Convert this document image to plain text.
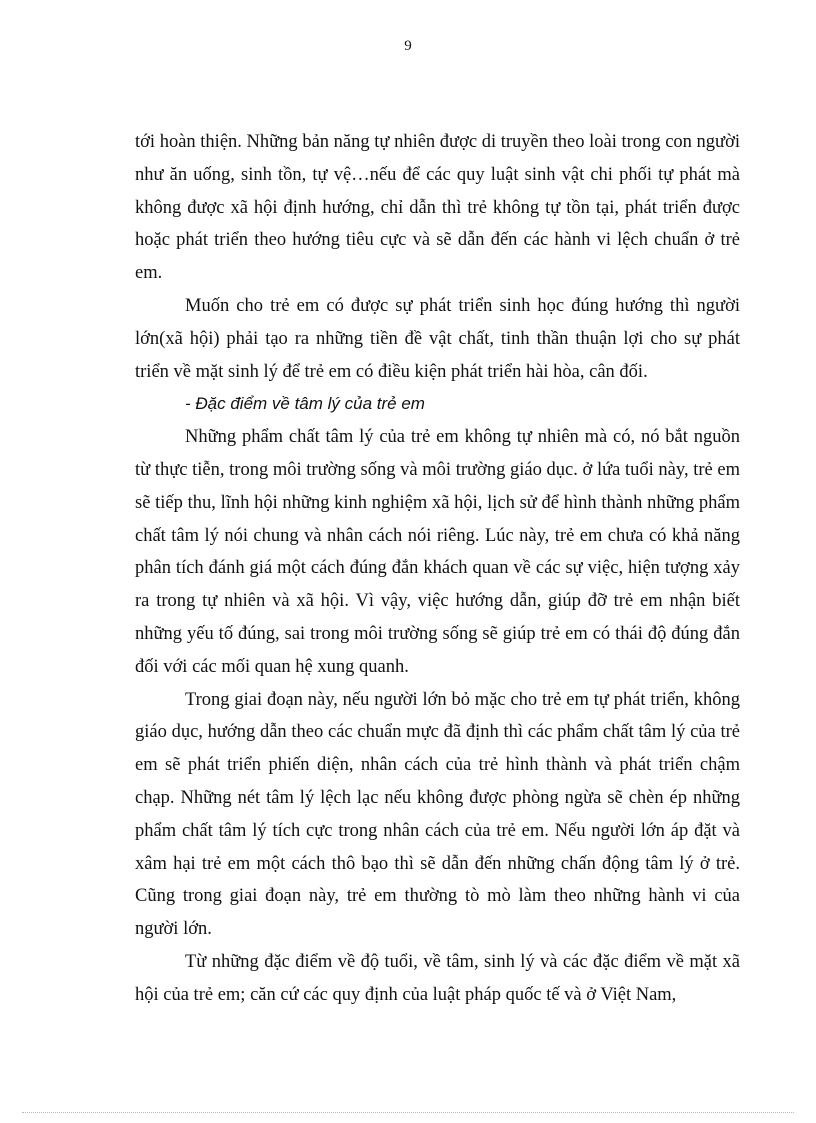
9

tới hoàn thiện. Những bản năng tự nhiên được di truyền theo loài trong con người như ăn uống, sinh tồn, tự vệ…nếu để các quy luật sinh vật chi phối tự phát mà không được xã hội định hướng, chỉ dẫn thì trẻ không tự tồn tại, phát triển được hoặc phát triển theo hướng tiêu cực và sẽ dẫn đến các hành vi lệch chuẩn ở trẻ em.

Muốn cho trẻ em có được sự phát triển sinh học đúng hướng thì người lớn(xã hội) phải tạo ra những tiền đề vật chất, tinh thần thuận lợi cho sự phát triển về mặt sinh lý để trẻ em có điều kiện phát triển hài hòa, cân đối.

- Đặc điểm về tâm lý của trẻ em

Những phẩm chất tâm lý của trẻ em không tự nhiên mà có, nó bắt nguồn từ thực tiễn, trong môi trường sống và môi trường giáo dục. ở lứa tuổi này, trẻ em sẽ tiếp thu, lĩnh hội những kinh nghiệm xã hội, lịch sử để hình thành những phẩm chất tâm lý nói chung và nhân cách nói riêng. Lúc này, trẻ em chưa có khả năng phân tích đánh giá một cách đúng đắn khách quan về các sự việc, hiện tượng xảy ra trong tự nhiên và xã hội. Vì vậy, việc hướng dẫn, giúp đỡ trẻ em nhận biết những yếu tố đúng, sai trong môi trường sống sẽ giúp trẻ em có thái độ đúng đắn đối với các mối quan hệ xung quanh.

Trong giai đoạn này, nếu người lớn bỏ mặc cho trẻ em tự phát triển, không giáo dục, hướng dẫn theo các chuẩn mực đã định thì các phẩm chất tâm lý của trẻ em sẽ phát triển phiến diện, nhân cách của trẻ hình thành và phát triển chậm chạp. Những nét tâm lý lệch lạc nếu không được phòng ngừa sẽ chèn ép những phẩm chất tâm lý tích cực trong nhân cách của trẻ em. Nếu người lớn áp đặt và xâm hại trẻ em một cách thô bạo thì sẽ dẫn đến những chấn động tâm lý ở trẻ. Cũng trong giai đoạn này, trẻ em thường tò mò làm theo những hành vi của người lớn.

Từ những đặc điểm về độ tuổi, về tâm, sinh lý và các đặc điểm về mặt xã hội của trẻ em; căn cứ các quy định của luật pháp quốc tế và ở Việt Nam,
